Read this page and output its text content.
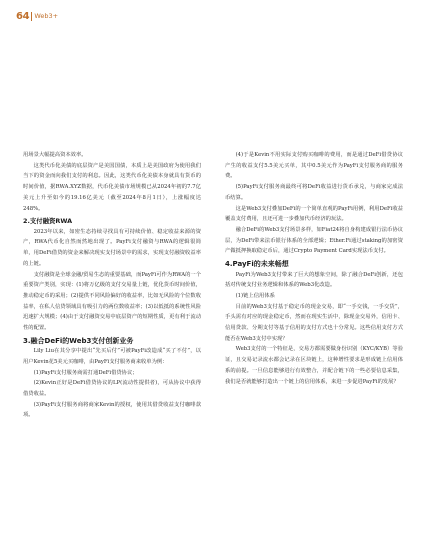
64 Web3+

用场景大幅提高资本效率。

这类代币化美债的底层资产是美国国债，本质上是美国政府为使用我们当下的资金而向我们支付的利息。因此，这类代币化美债本身就具有货币的时间价值，据RWA.XYZ数据，代币化美债市场规模已从2024年初的7.7亿美元上升至如今的19.16亿美元（截至2024年8月1日），上涨幅度达248%。

2.支付融资RWA

2023年以来，如密生态持续寻找具有可持续价值、稳定收益来源的资产，RWA代币化自然而然地出现了。PayFi支付融资与RWA的逻辑很简单，用DeFi借贷的资金来解决现实支付场景中的需求，实现支付融资收益率的上链。

支付融资是全球金融/贸易生态的重要基础，而PayFi可作为RWA的一个重要资产类别，实现：(1)将万亿级的支付交易量上链，优化货币时间价值，推动稳定币的采用；(2)提供不同风险偏好的收益率，比如无风险的个位数收益率，在私人信贷领域具有吸引力的两位数收益率；(3)以低抵的系统性风险迅速扩大规模；(4)由于支付融资交易中底层资产的短期性质，更有利于流动性的配置。

3.融合DeFi的Web3支付创新业务

Lily Liu在其分享中提出“先买后付”可被PayFi改造成“买了不付”，以用户Kevin花5美元买咖啡，由PayFi支付服务商来收单为例：

(1)PayFi支付服务商需打通DeFi借贷协议；

(2)Kevin正好是DeFi借贷协议的LP(流动性提供者)，可从协议中获得借贷收益。

(3)PayFi支付服务商将商家Kevin的授权，使用其借贷收益支付咖啡款项。

(4)于是Kevin不用实际支付购买咖啡的费用，而是通过DeFi借贷协议产生的收益支付5.5美元买单，其中0.5美元作为PayFi支付服务商的服务费。

(5)PayFi支付服务商最终可将DeFi收益进行货币承兑，与商家完成法币结算。

这是Web3支付叠加DeFi的一个简单直观的PayFi用例，利用DeFi收益覆盖支付费用，且还可进一步叠加代币经济的玩法。

融合DeFi的Web3支付场景多样，如Fiat24将自身构建成银行法币协议层，为DeFi带来法币银行体系的全部逻辑；Ether.Fi通过staking的加密资产做抵押换取稳定币后，通过Crypto Payment Card实现法币支付。

4.PayFi的未来畅想

PayFi为Web3支付带来了巨大的想象空间，除了融合DeFi创新，还包括对传统支付业务逻辑和体系的Web3化改造。

(1)链上信用体系

目前的Web3支付基于稳定币的现金交易，即“一手交钱，一手交货”，手头需有对应的现金稳定币，然而在现实生活中，除现金交易外，信用卡、信用贷款、分期支付等基于信用的支付方式也十分常见。这些信用支付方式能否在Web3支付中实现？

Web3支付的一个特征是，交易方都需要做身份识别（KYC/KYB）等验证，且交易记录流水都会记录在区块链上，这种增性要求是形成链上信用体系的前提。一旦信息能够进行有效整合，并配合链下的一些必要信息采集，我们是否就能够打造出一个链上的信用体系，来进一步促进PayFi的发展？
